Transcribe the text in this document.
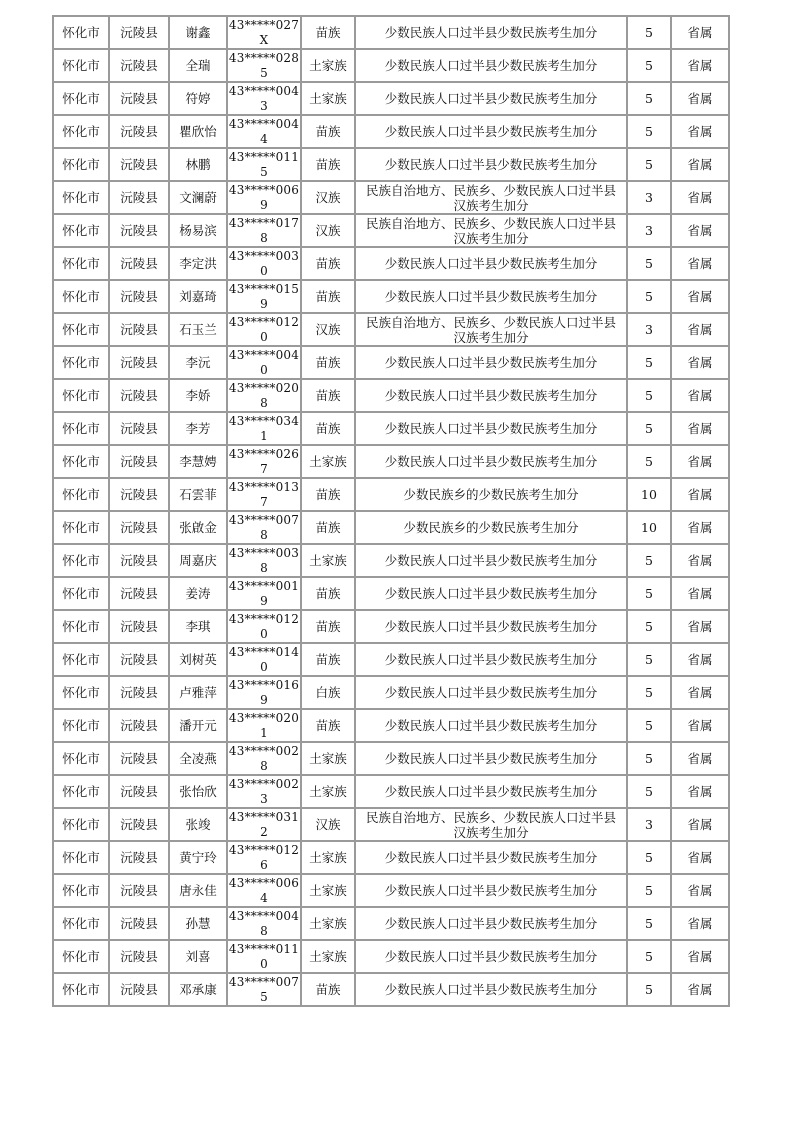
怀化市	沅陵县	谢鑫	43*****027X	苗族	少数民族人口过半县少数民族考生加分	5	省属
怀化市	沅陵县	全瑞	43*****0285	土家族	少数民族人口过半县少数民族考生加分	5	省属
怀化市	沅陵县	符婷	43*****0043	土家族	少数民族人口过半县少数民族考生加分	5	省属
怀化市	沅陵县	瞿欣怡	43*****0044	苗族	少数民族人口过半县少数民族考生加分	5	省属
怀化市	沅陵县	林鹏	43*****0115	苗族	少数民族人口过半县少数民族考生加分	5	省属
怀化市	沅陵县	文澜蔚	43*****0069	汉族	民族自治地方、民族乡、少数民族人口过半县汉族考生加分	3	省属
怀化市	沅陵县	杨易滨	43*****0178	汉族	民族自治地方、民族乡、少数民族人口过半县汉族考生加分	3	省属
怀化市	沅陵县	李定洪	43*****0030	苗族	少数民族人口过半县少数民族考生加分	5	省属
怀化市	沅陵县	刘嘉琦	43*****0159	苗族	少数民族人口过半县少数民族考生加分	5	省属
怀化市	沅陵县	石玉兰	43*****0120	汉族	民族自治地方、民族乡、少数民族人口过半县汉族考生加分	3	省属
怀化市	沅陵县	李沅	43*****0040	苗族	少数民族人口过半县少数民族考生加分	5	省属
怀化市	沅陵县	李娇	43*****0208	苗族	少数民族人口过半县少数民族考生加分	5	省属
怀化市	沅陵县	李芳	43*****0341	苗族	少数民族人口过半县少数民族考生加分	5	省属
怀化市	沅陵县	李慧娉	43*****0267	土家族	少数民族人口过半县少数民族考生加分	5	省属
怀化市	沅陵县	石雲菲	43*****0137	苗族	少数民族乡的少数民族考生加分	10	省属
怀化市	沅陵县	张啟金	43*****0078	苗族	少数民族乡的少数民族考生加分	10	省属
怀化市	沅陵县	周嘉庆	43*****0038	土家族	少数民族人口过半县少数民族考生加分	5	省属
怀化市	沅陵县	姜涛	43*****0019	苗族	少数民族人口过半县少数民族考生加分	5	省属
怀化市	沅陵县	李琪	43*****0120	苗族	少数民族人口过半县少数民族考生加分	5	省属
怀化市	沅陵县	刘树英	43*****0140	苗族	少数民族人口过半县少数民族考生加分	5	省属
怀化市	沅陵县	卢雅萍	43*****0169	白族	少数民族人口过半县少数民族考生加分	5	省属
怀化市	沅陵县	潘开元	43*****0201	苗族	少数民族人口过半县少数民族考生加分	5	省属
怀化市	沅陵县	全凌燕	43*****0028	土家族	少数民族人口过半县少数民族考生加分	5	省属
怀化市	沅陵县	张怡欣	43*****0023	土家族	少数民族人口过半县少数民族考生加分	5	省属
怀化市	沅陵县	张竣	43*****0312	汉族	民族自治地方、民族乡、少数民族人口过半县汉族考生加分	3	省属
怀化市	沅陵县	黄宁玲	43*****0126	土家族	少数民族人口过半县少数民族考生加分	5	省属
怀化市	沅陵县	唐永佳	43*****0064	土家族	少数民族人口过半县少数民族考生加分	5	省属
怀化市	沅陵县	孙慧	43*****0048	土家族	少数民族人口过半县少数民族考生加分	5	省属
怀化市	沅陵县	刘喜	43*****0110	土家族	少数民族人口过半县少数民族考生加分	5	省属
怀化市	沅陵县	邓承康	43*****0075	苗族	少数民族人口过半县少数民族考生加分	5	省属
